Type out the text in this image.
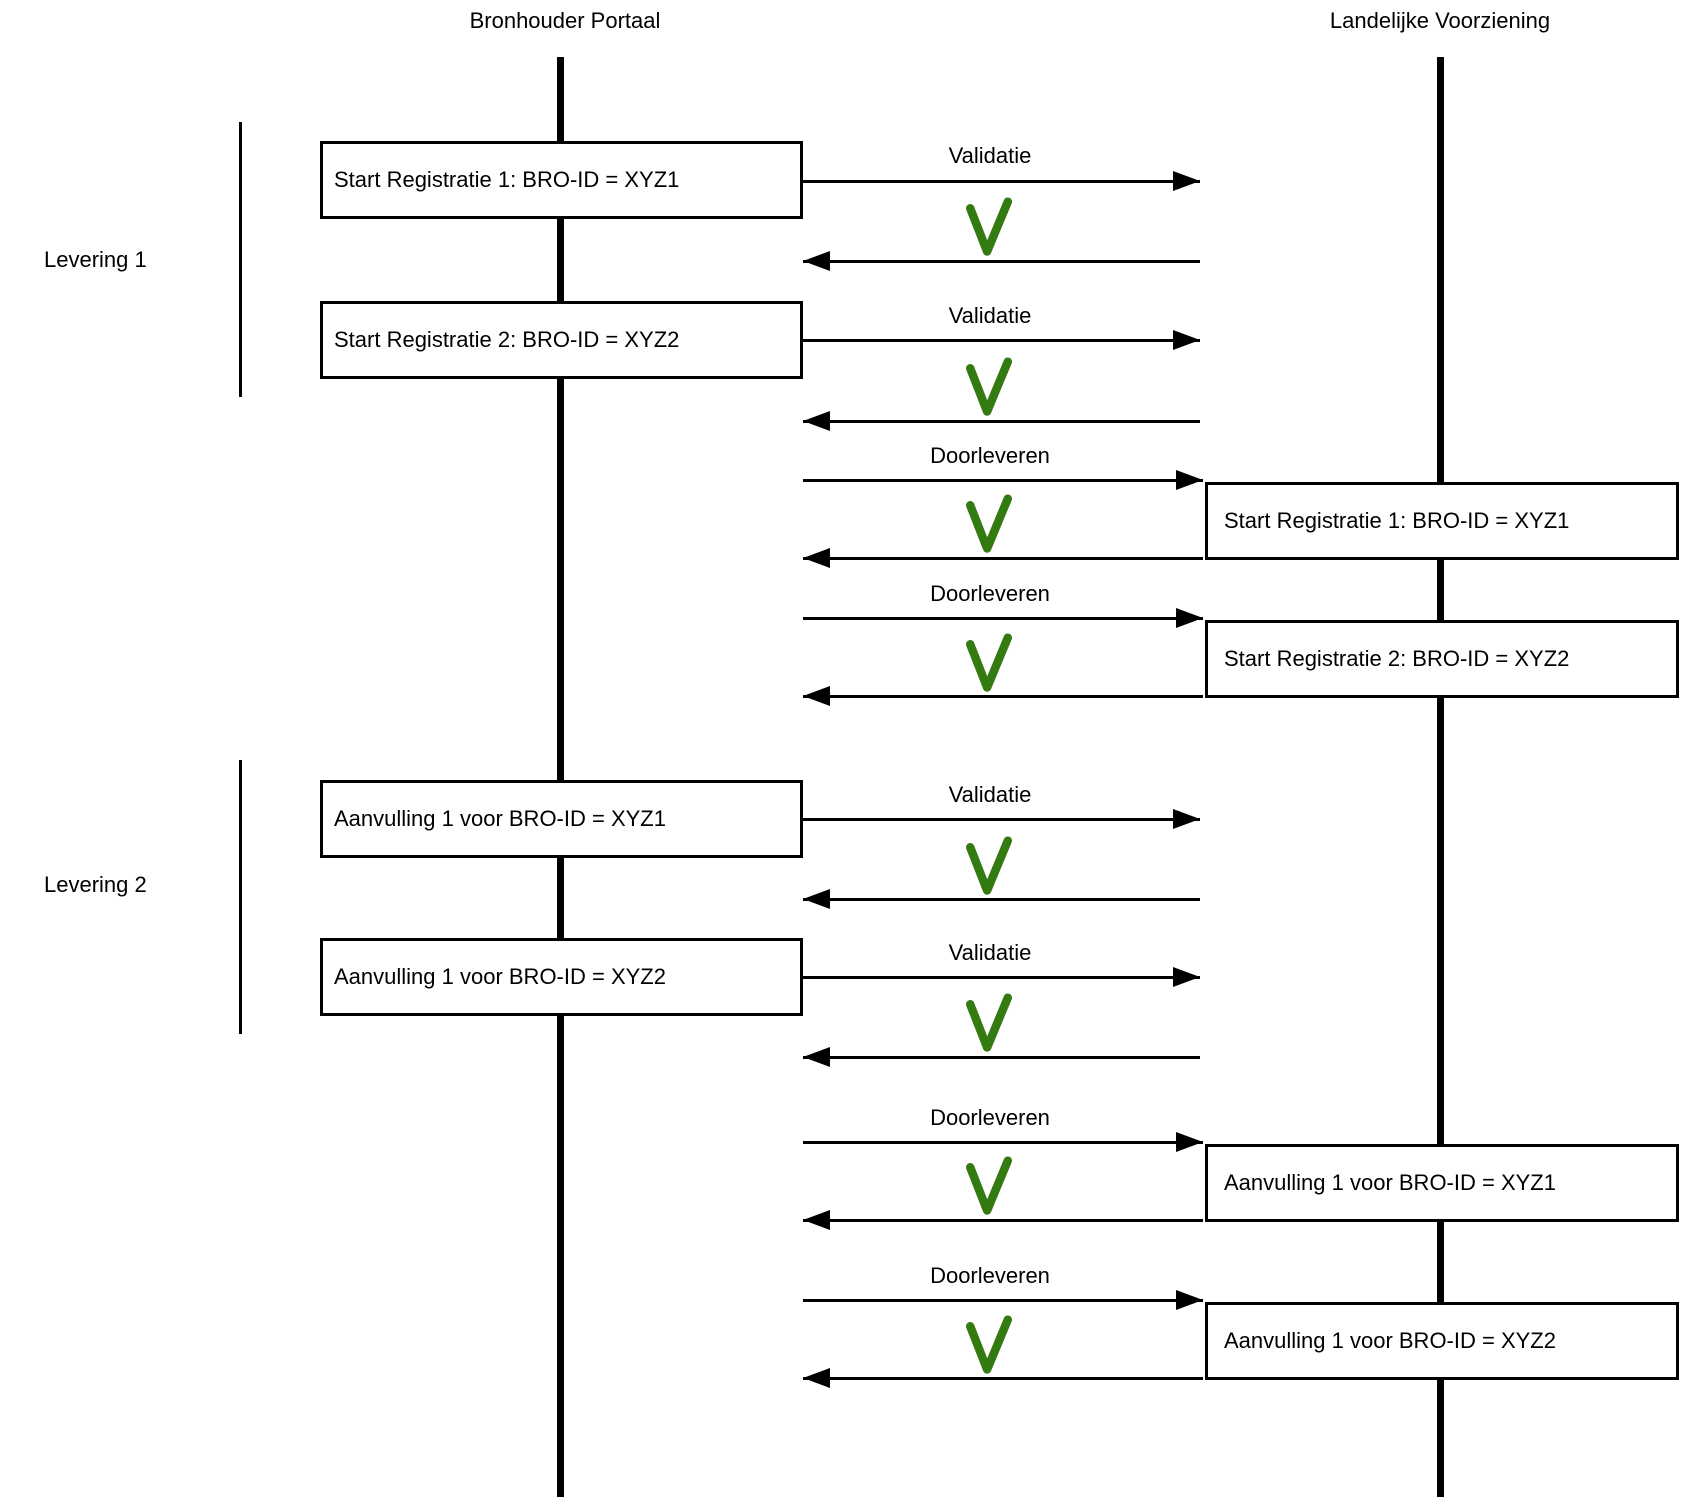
Bronhouder Portaal	Landelijke Voorziening
Levering 1
Levering 2
Start Registratie 1: BRO-ID = XYZ1
Validatie
Start Registratie 2: BRO-ID = XYZ2
Validatie
Doorleveren
Start Registratie 1: BRO-ID = XYZ1
Doorleveren
Start Registratie 2: BRO-ID = XYZ2
Aanvulling 1 voor BRO-ID = XYZ1
Validatie
Aanvulling 1 voor BRO-ID = XYZ2
Validatie
Doorleveren
Aanvulling 1 voor BRO-ID = XYZ1
Doorleveren
Aanvulling 1 voor BRO-ID = XYZ2
